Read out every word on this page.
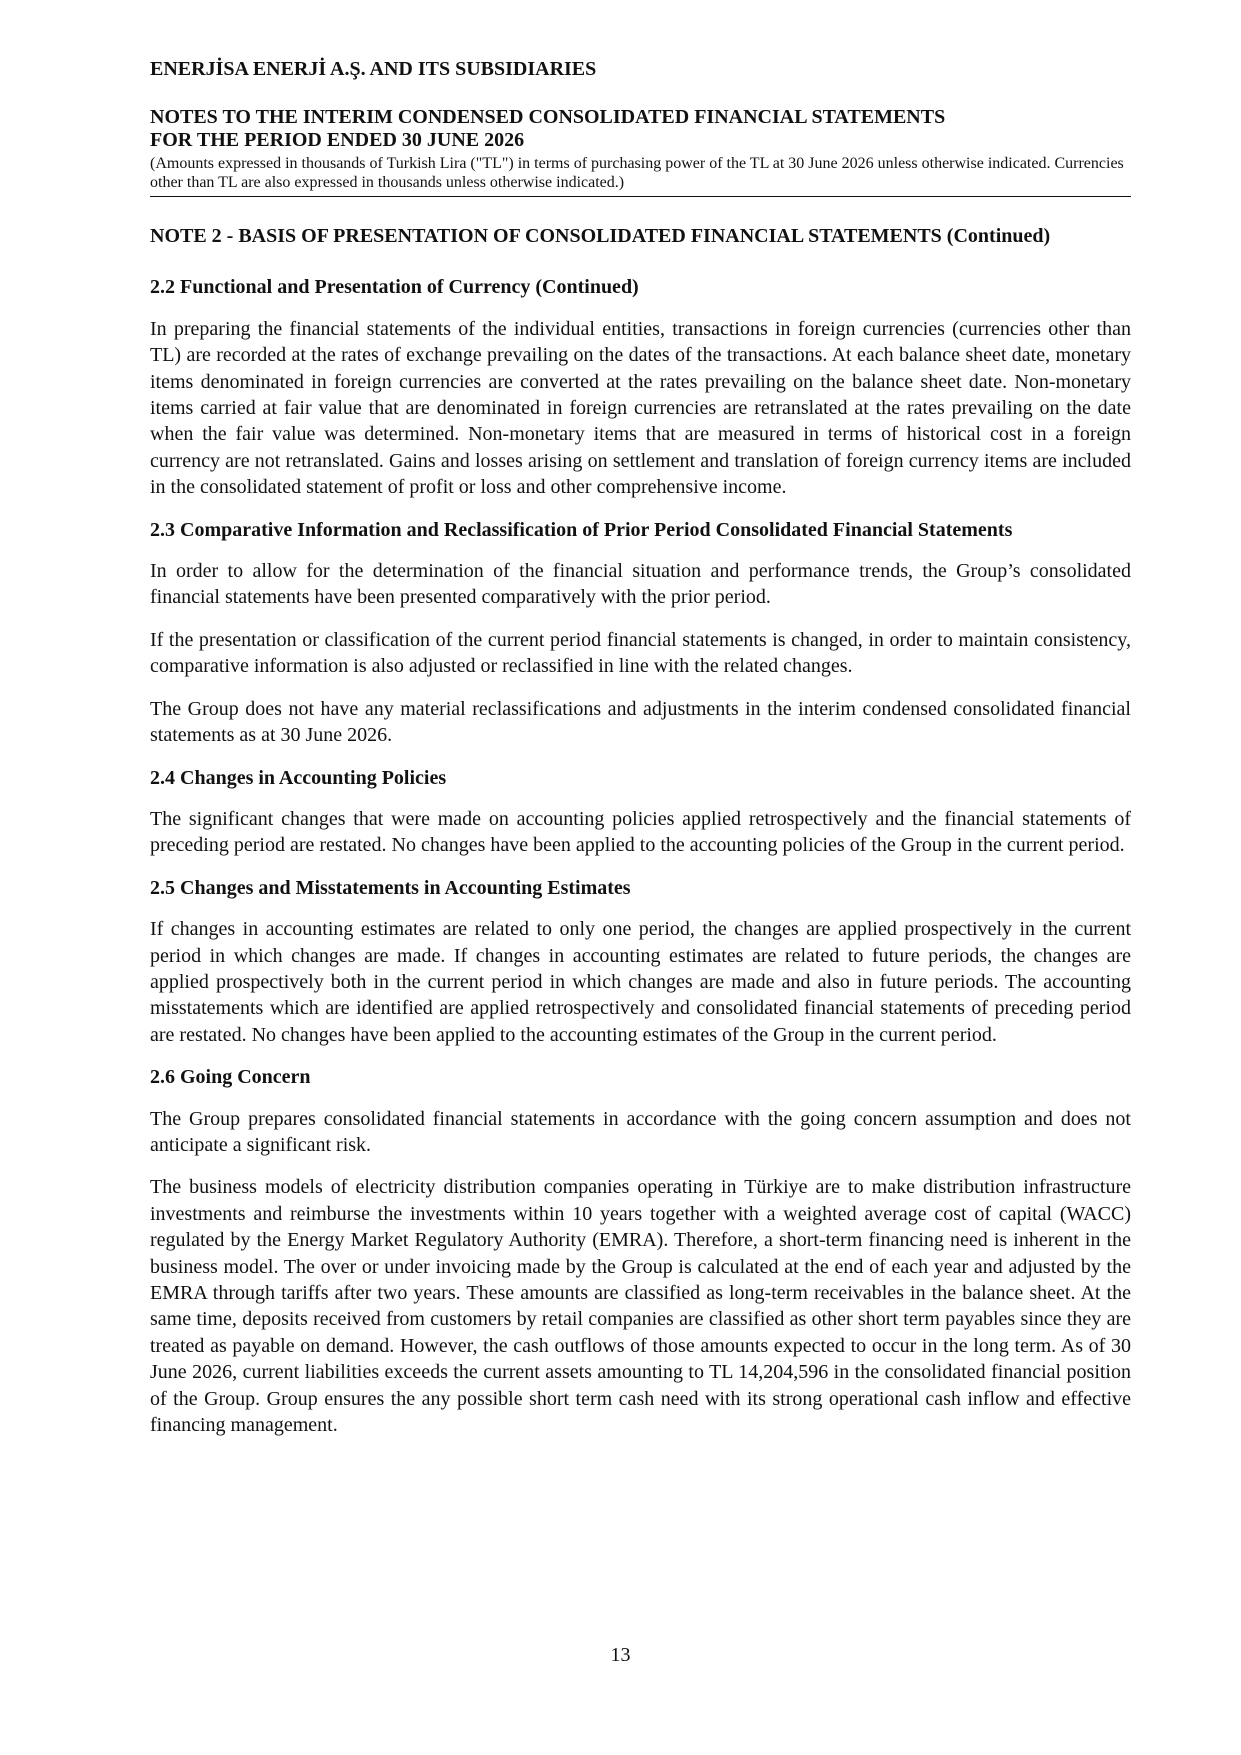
ENERJİSA ENERJİ A.Ş. AND ITS SUBSIDIARIES
NOTES TO THE INTERIM CONDENSED CONSOLIDATED FINANCIAL STATEMENTS
FOR THE PERIOD ENDED 30 JUNE 2026
(Amounts expressed in thousands of Turkish Lira ("TL") in terms of purchasing power of the TL at 30 June 2026 unless otherwise indicated. Currencies other than TL are also expressed in thousands unless otherwise indicated.)
NOTE 2 - BASIS OF PRESENTATION OF CONSOLIDATED FINANCIAL STATEMENTS (Continued)
2.2 Functional and Presentation of Currency (Continued)

In preparing the financial statements of the individual entities, transactions in foreign currencies (currencies other than TL) are recorded at the rates of exchange prevailing on the dates of the transactions. At each balance sheet date, monetary items denominated in foreign currencies are converted at the rates prevailing on the balance sheet date. Non-monetary items carried at fair value that are denominated in foreign currencies are retranslated at the rates prevailing on the date when the fair value was determined. Non-monetary items that are measured in terms of historical cost in a foreign currency are not retranslated. Gains and losses arising on settlement and translation of foreign currency items are included in the consolidated statement of profit or loss and other comprehensive income.

2.3 Comparative Information and Reclassification of Prior Period Consolidated Financial Statements

In order to allow for the determination of the financial situation and performance trends, the Group’s consolidated financial statements have been presented comparatively with the prior period.

If the presentation or classification of the current period financial statements is changed, in order to maintain consistency, comparative information is also adjusted or reclassified in line with the related changes.

The Group does not have any material reclassifications and adjustments in the interim condensed consolidated financial statements as at 30 June 2026.

2.4 Changes in Accounting Policies

The significant changes that were made on accounting policies applied retrospectively and the financial statements of preceding period are restated. No changes have been applied to the accounting policies of the Group in the current period.

2.5 Changes and Misstatements in Accounting Estimates

If changes in accounting estimates are related to only one period, the changes are applied prospectively in the current period in which changes are made. If changes in accounting estimates are related to future periods, the changes are applied prospectively both in the current period in which changes are made and also in future periods. The accounting misstatements which are identified are applied retrospectively and consolidated financial statements of preceding period are restated. No changes have been applied to the accounting estimates of the Group in the current period.

2.6 Going Concern

The Group prepares consolidated financial statements in accordance with the going concern assumption and does not anticipate a significant risk.

The business models of electricity distribution companies operating in Türkiye are to make distribution infrastructure investments and reimburse the investments within 10 years together with a weighted average cost of capital (WACC) regulated by the Energy Market Regulatory Authority (EMRA). Therefore, a short-term financing need is inherent in the business model. The over or under invoicing made by the Group is calculated at the end of each year and adjusted by the EMRA through tariffs after two years. These amounts are classified as long-term receivables in the balance sheet. At the same time, deposits received from customers by retail companies are classified as other short term payables since they are treated as payable on demand. However, the cash outflows of those amounts expected to occur in the long term. As of 30 June 2026, current liabilities exceeds the current assets amounting to TL 14,204,596 in the consolidated financial position of the Group. Group ensures the any possible short term cash need with its strong operational cash inflow and effective financing management.

13
